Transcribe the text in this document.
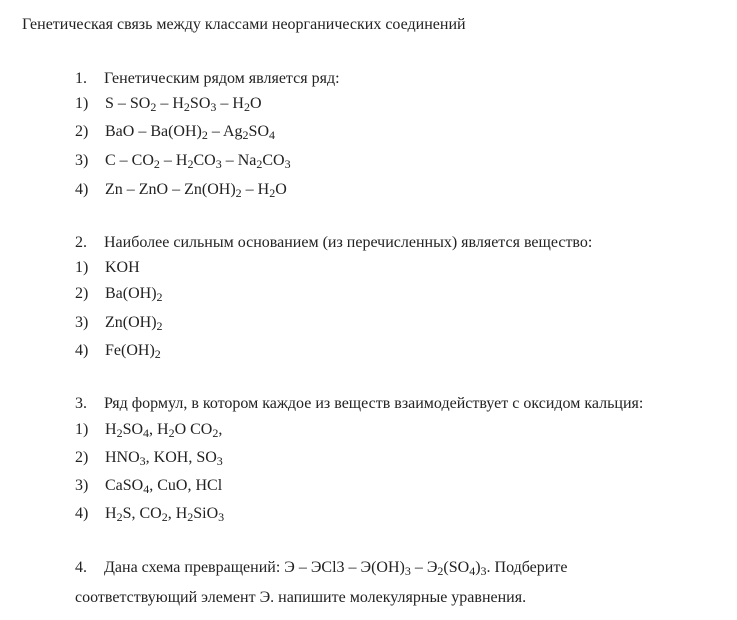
Генетическая связь между классами неорганических соединений
1. Генетическим рядом является ряд:
1) S – $SO_2 - H_2SO_3 - H_2O$
2) BaO – $Ba(OH)_2 - Ag_2SO_4$
3) C – $CO_2 - H_2CO_3 - Na_2CO_3$
4) Zn – ZnO – $Zn(OH)_2 - H_2O$
2. Наиболее сильным основанием (из перечисленных) является вещество:
1) KOH
2) $Ba(OH)_2$
3) $Zn(OH)_2$
4) $Fe(OH)_2$
3. Ряд формул, в котором каждое из веществ взаимодействует с оксидом кальция:
1) $H_2SO_4$, $H_2O$ $CO_2$,
2) $HNO_3$, KOH, $SO_3$
3) CaSO$_4$, CuO, HCl
4) $H_2S$, $CO_2$, $H_2SiO_3$
4. Дана схема превращений: Э – $ЭCl3 - Э(OH)_3 - Э_2(SO_4)_3$. Подберите
соответствующий элемент Э. напишите молекулярные уравнения.
